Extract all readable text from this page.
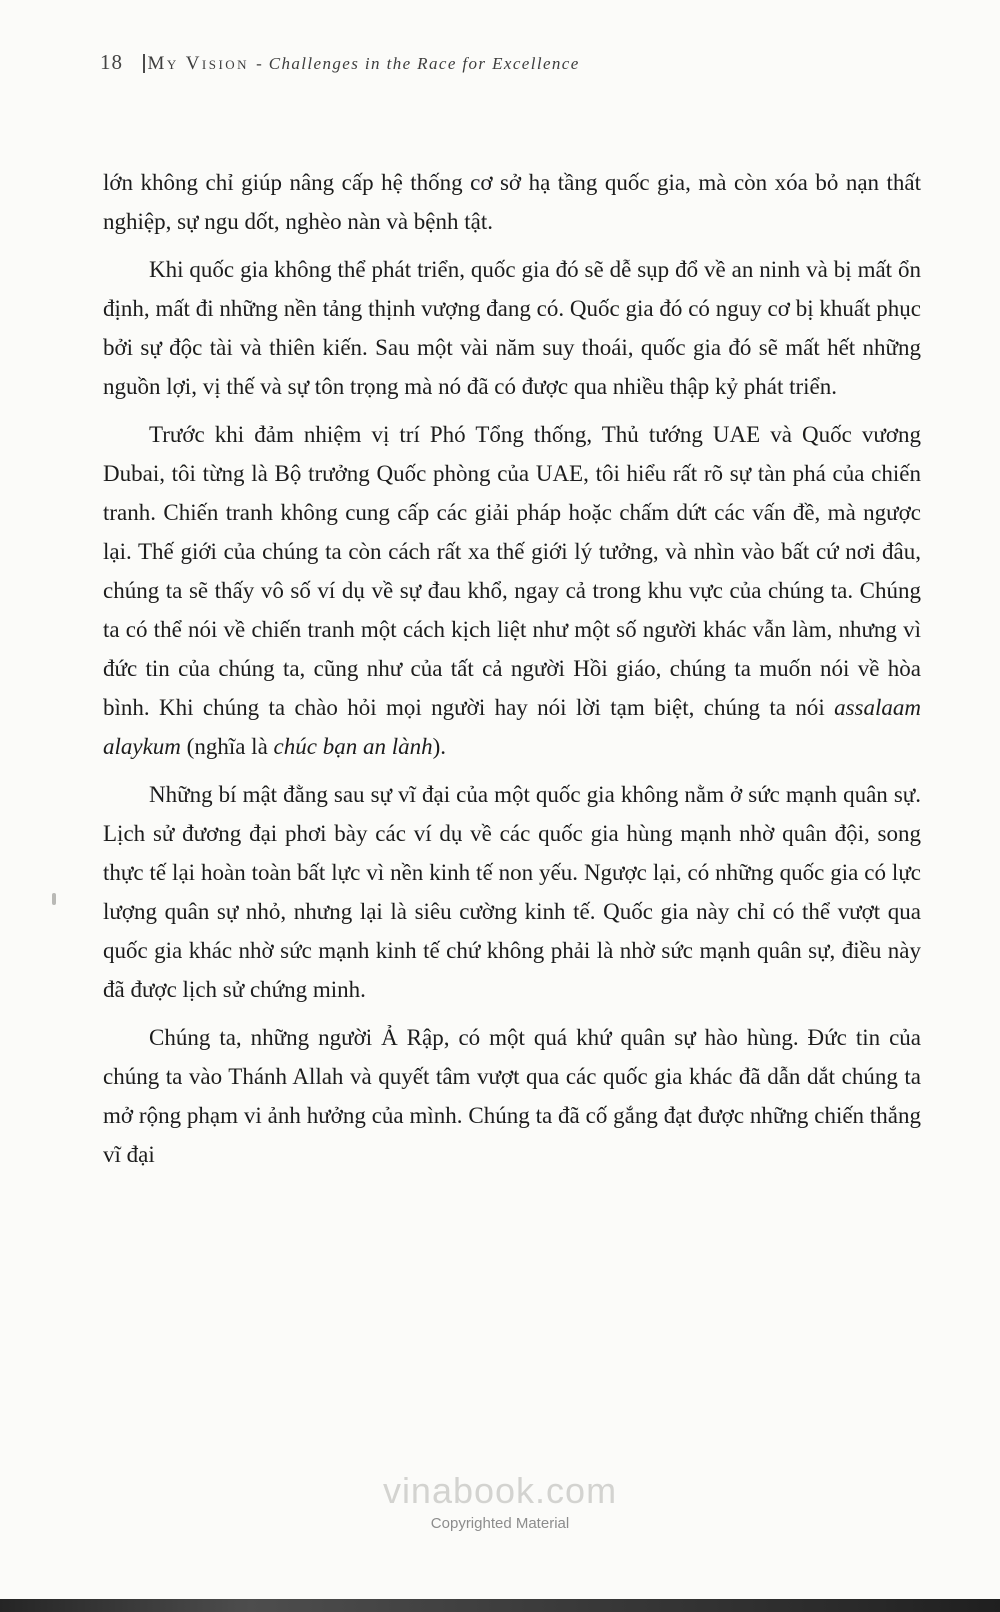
18 My Vision - Challenges in the Race for Excellence

lớn không chỉ giúp nâng cấp hệ thống cơ sở hạ tầng quốc gia, mà còn xóa bỏ nạn thất nghiệp, sự ngu dốt, nghèo nàn và bệnh tật.

Khi quốc gia không thể phát triển, quốc gia đó sẽ dễ sụp đổ về an ninh và bị mất ổn định, mất đi những nền tảng thịnh vượng đang có. Quốc gia đó có nguy cơ bị khuất phục bởi sự độc tài và thiên kiến. Sau một vài năm suy thoái, quốc gia đó sẽ mất hết những nguồn lợi, vị thế và sự tôn trọng mà nó đã có được qua nhiều thập kỷ phát triển.

Trước khi đảm nhiệm vị trí Phó Tổng thống, Thủ tướng UAE và Quốc vương Dubai, tôi từng là Bộ trưởng Quốc phòng của UAE, tôi hiểu rất rõ sự tàn phá của chiến tranh. Chiến tranh không cung cấp các giải pháp hoặc chấm dứt các vấn đề, mà ngược lại. Thế giới của chúng ta còn cách rất xa thế giới lý tưởng, và nhìn vào bất cứ nơi đâu, chúng ta sẽ thấy vô số ví dụ về sự đau khổ, ngay cả trong khu vực của chúng ta. Chúng ta có thể nói về chiến tranh một cách kịch liệt như một số người khác vẫn làm, nhưng vì đức tin của chúng ta, cũng như của tất cả người Hồi giáo, chúng ta muốn nói về hòa bình. Khi chúng ta chào hỏi mọi người hay nói lời tạm biệt, chúng ta nói assalaam alaykum (nghĩa là chúc bạn an lành).

Những bí mật đằng sau sự vĩ đại của một quốc gia không nằm ở sức mạnh quân sự. Lịch sử đương đại phơi bày các ví dụ về các quốc gia hùng mạnh nhờ quân đội, song thực tế lại hoàn toàn bất lực vì nền kinh tế non yếu. Ngược lại, có những quốc gia có lực lượng quân sự nhỏ, nhưng lại là siêu cường kinh tế. Quốc gia này chỉ có thể vượt qua quốc gia khác nhờ sức mạnh kinh tế chứ không phải là nhờ sức mạnh quân sự, điều này đã được lịch sử chứng minh.

Chúng ta, những người Ả Rập, có một quá khứ quân sự hào hùng. Đức tin của chúng ta vào Thánh Allah và quyết tâm vượt qua các quốc gia khác đã dẫn dắt chúng ta mở rộng phạm vi ảnh hưởng của mình. Chúng ta đã cố gắng đạt được những chiến thắng vĩ đại

vinabook.com
Copyrighted Material
